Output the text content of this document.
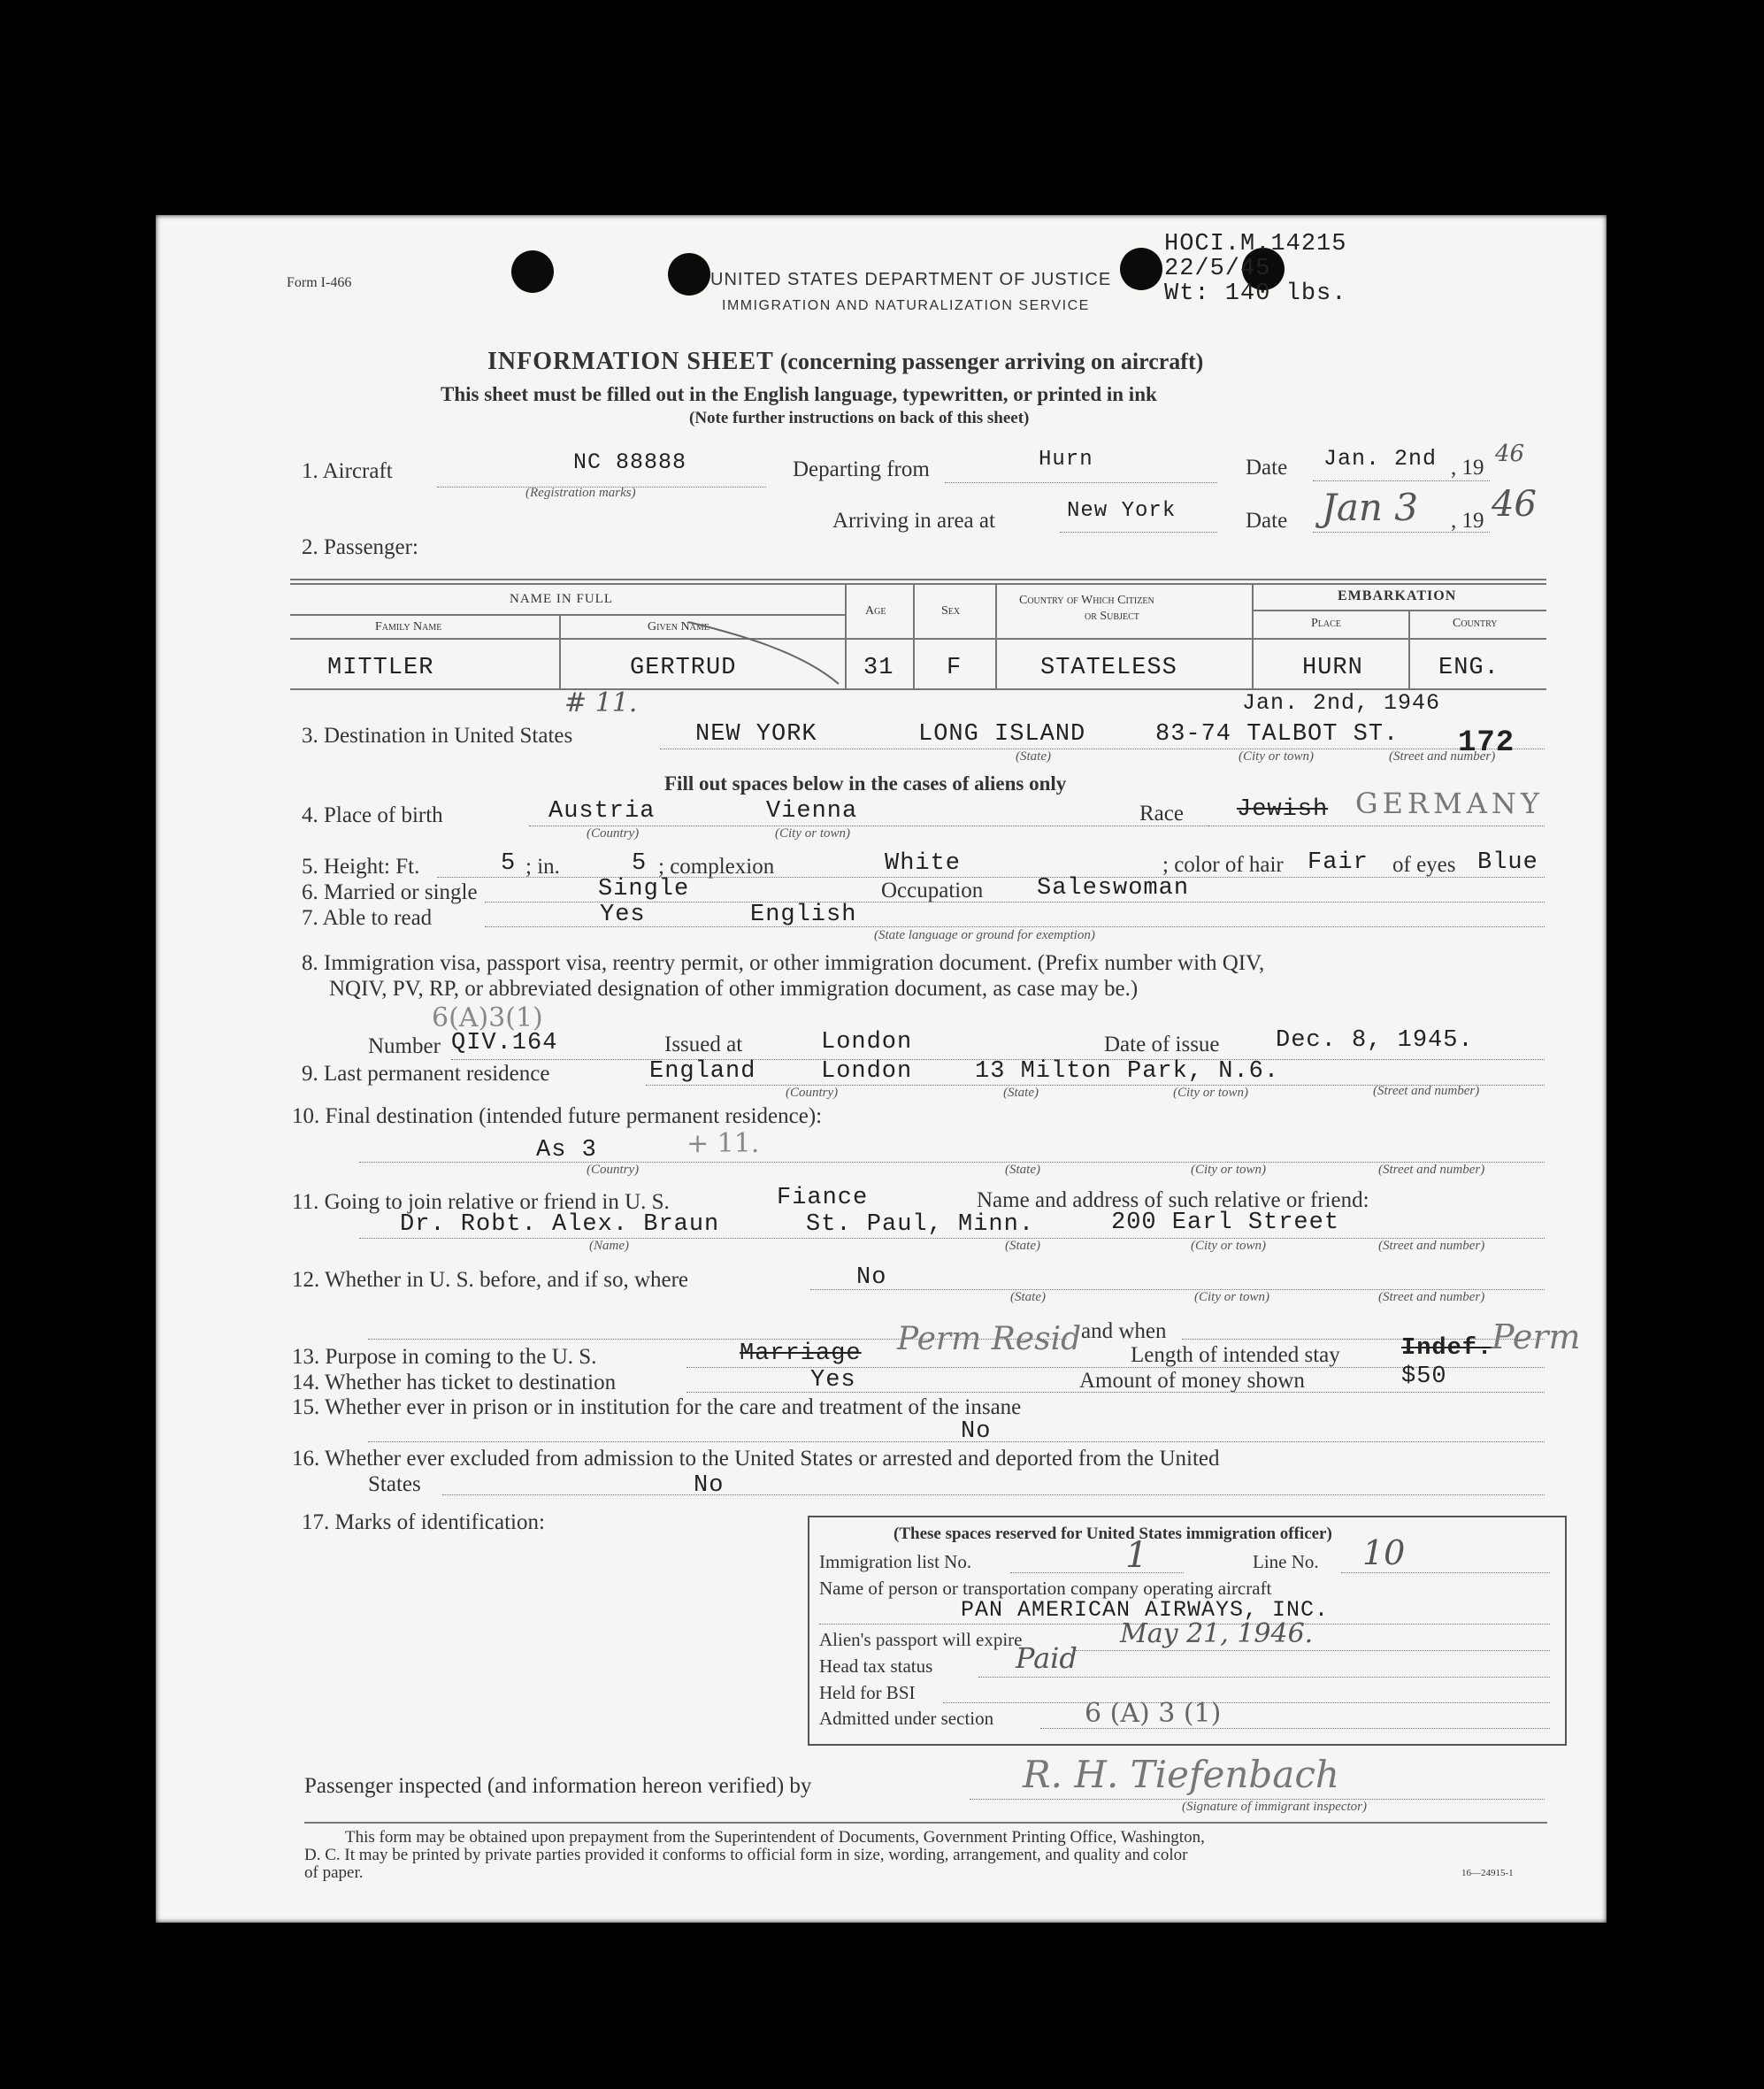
Form I-466	UNITED STATES DEPARTMENT OF JUSTICE
IMMIGRATION AND NATURALIZATION SERVICE
HOCI.M.14215
22/5/45
Wt: 140 lbs.
INFORMATION SHEET (concerning passenger arriving on aircraft)
This sheet must be filled out in the English language, typewritten, or printed in ink
(Note further instructions on back of this sheet)
1. Aircraft	NC 88888
(Registration marks)
Departing from	Hurn	Date Jan. 2nd , 19
46
Arriving in area at	New York	Date Jan 3 , 19 46
2. Passenger:
NAME IN FULL
Family Name	Given Name
Age	Sex
Country of Which Citizen
or Subject
EMBARKATION
Place	Country
MITTLER	GERTRUD	31 F	STATELESS	HURN	ENG.
# 11.	Jan. 2nd, 1946
3. Destination in United States	NEW YORK	LONG ISLAND	83-74 TALBOT ST. 172
(State)	(City or town)	(Street and number)
Fill out spaces below in the cases of aliens only
4. Place of birth	Austria	Vienna
(Country)	(City or town)
Race Jewish GERMANY
5. Height: Ft.	5 ; in.	5 ; complexion	White	; color of hair Fair of eyes Blue
6. Married or single	Single	Occupation Saleswoman
7. Able to read	Yes	English
(State language or ground for exemption)
8. Immigration visa, passport visa, reentry permit, or other immigration document. (Prefix number with QIV,
NQIV, PV, RP, or abbreviated designation of other immigration document, as case may be.)
6(A)3(1)
Number QIV.164	Issued at	London	Date of issue Dec. 8, 1945.
9. Last permanent residence	England	London	13 Milton Park, N.6.
(Country)	(State)	(City or town)	(Street and number)
10. Final destination (intended future permanent residence):
As 3	+ 11.
(Country)	(State)	(City or town)	(Street and number)
11. Going to join relative or friend in U. S.	Fiance	Name and address of such relative or friend:
Dr. Robt. Alex. Braun	St. Paul, Minn.	200 Earl Street
(Name)	(State)	(City or town)	(Street and number)
12. Whether in U. S. before, and if so, where	No
(State)	(City or town)	(Street and number)
and when
13. Purpose in coming to the U. S.	Marriage Perm Resid Length of intended stay	Indef.
Perm
14. Whether has ticket to destination	Yes	Amount of money shown	$50
15. Whether ever in prison or in institution for the care and treatment of the insane
No
16. Whether ever excluded from admission to the United States or arrested and deported from the United
States	No
17. Marks of identification:	(These spaces reserved for United States immigration officer)
Immigration list No.	1	Line No. 10
Name of person or transportation company operating aircraft
PAN AMERICAN AIRWAYS, INC.
Alien's passport will expire	May 21, 1946.
Head tax status	Paid
Held for BSI
Admitted under section	6 (A) 3 (1)
Passenger inspected (and information hereon verified) by	R. H. Tiefenbach
(Signature of immigrant inspector)
This form may be obtained upon prepayment from the Superintendent of Documents, Government Printing Office, Washington,
D. C. It may be printed by private parties provided it conforms to official form in size, wording, arrangement, and quality and color
of paper.	16—24915-1
